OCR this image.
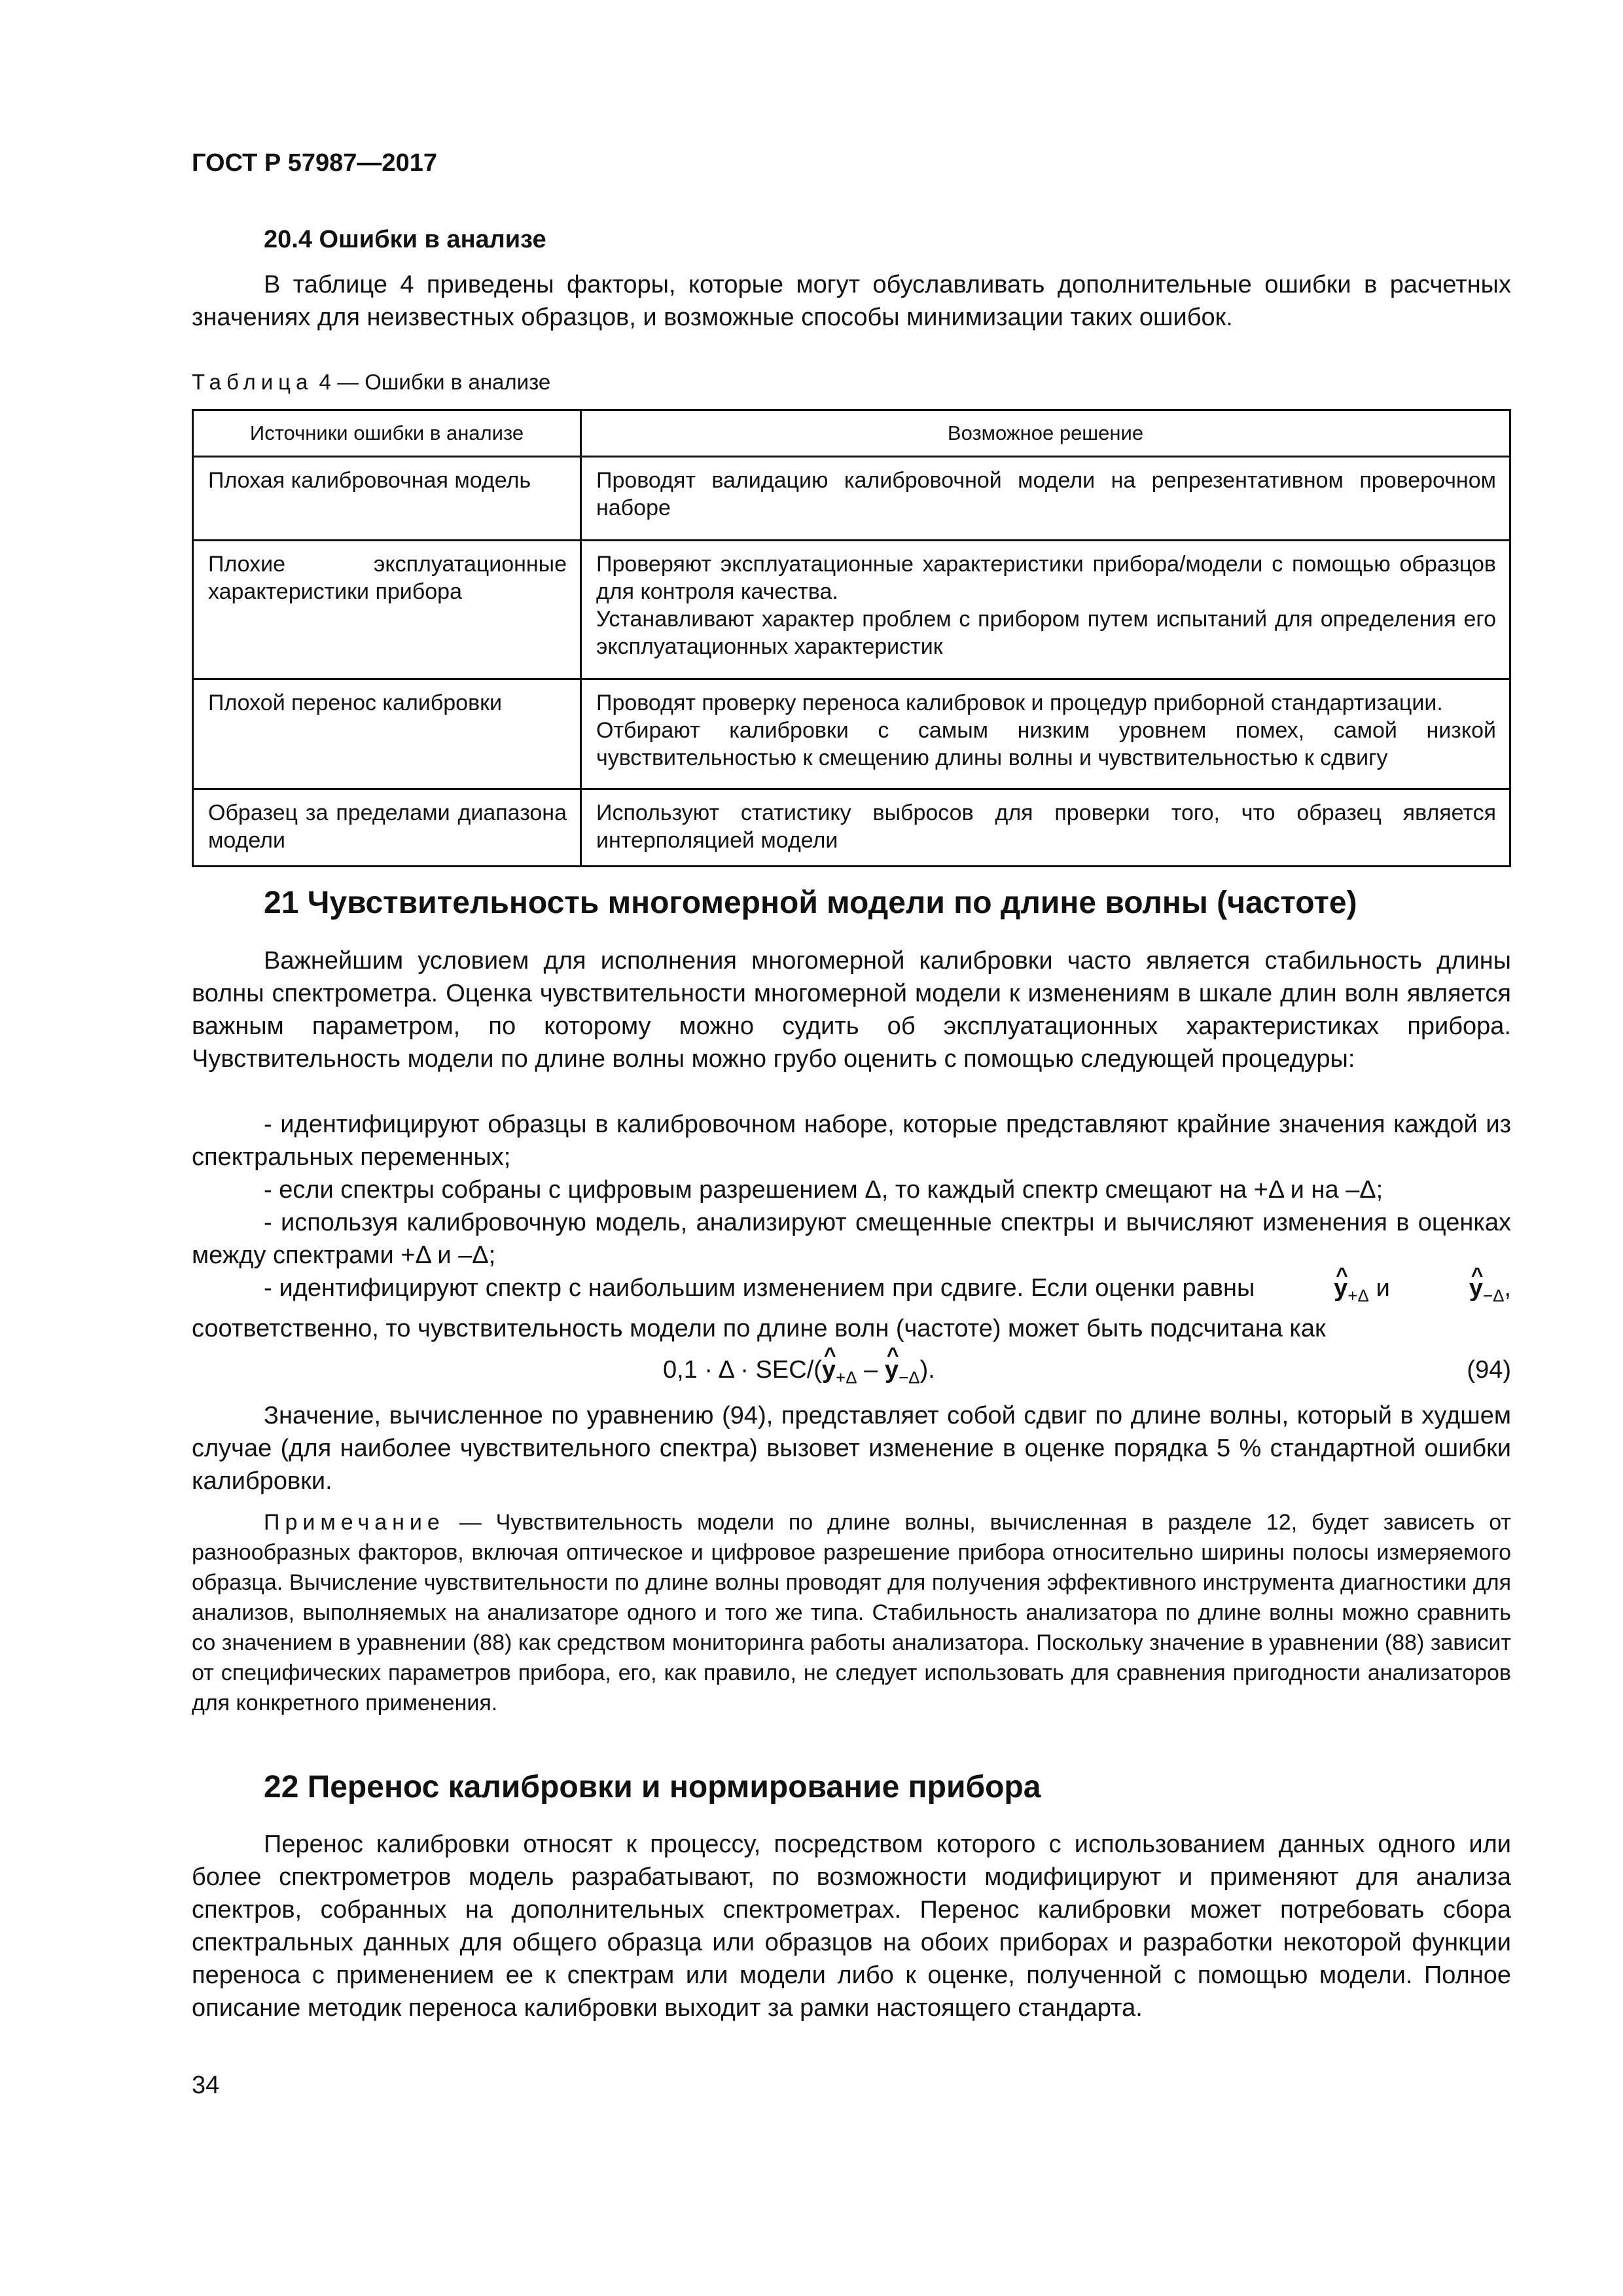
ГОСТ Р 57987—2017
20.4 Ошибки в анализе

В таблице 4 приведены факторы, которые могут обуславливать дополнительные ошибки в расчетных значениях для неизвестных образцов, и возможные способы минимизации таких ошибок.

Таблица 4 — Ошибки в анализе
Источники ошибки в анализе	Возможное решение
Плохая калибровочная модель	Проводят валидацию калибровочной модели на репрезентативном проверочном наборе
Плохие эксплуатационные характеристики прибора	Проверяют эксплуатационные характеристики прибора/модели с помощью образцов для контроля качества.
Устанавливают характер проблем с прибором путем испытаний для определения его эксплуатационных характеристик
Плохой перенос калибровки	Проводят проверку переноса калибровок и процедур приборной стандартизации.
Отбирают калибровки с самым низким уровнем помех, самой низкой чувствительностью к смещению длины волны и чувствительностью к сдвигу
Образец за пределами диапазона модели	Используют статистику выбросов для проверки того, что образец является интерполяцией модели
21 Чувствительность многомерной модели по длине волны (частоте)

Важнейшим условием для исполнения многомерной калибровки часто является стабильность длины волны спектрометра. Оценка чувствительности многомерной модели к изменениям в шкале длин волн является важным параметром, по которому можно судить об эксплуатационных характеристиках прибора. Чувствительность модели по длине волны можно грубо оценить с помощью следующей процедуры:

- идентифицируют образцы в калибровочном наборе, которые представляют крайние значения каждой из спектральных переменных;

- если спектры собраны с цифровым разрешением Δ, то каждый спектр смещают на +Δ и на –Δ;

- используя калибровочную модель, анализируют смещенные спектры и вычисляют изменения в оценках между спектрами +Δ и –Δ;

- идентифицируют спектр с наибольшим изменением при сдвиге. Если оценки равны	^ $y_{+\Delta}$ и	^ $y_{-\Delta}$, соответственно, то чувствительность модели по длине волн (частоте) может быть подсчитана как

0,1 · Δ · SEC/(^ $y_{+\Delta}$ – ^ $y_{-\Delta}$).	(94)

Значение, вычисленное по уравнению (94), представляет собой сдвиг по длине волны, который в худшем случае (для наиболее чувствительного спектра) вызовет изменение в оценке порядка 5 % стандартной ошибки калибровки.

Примечание — Чувствительность модели по длине волны, вычисленная в разделе 12, будет зависеть от разнообразных факторов, включая оптическое и цифровое разрешение прибора относительно ширины полосы измеряемого образца. Вычисление чувствительности по длине волны проводят для получения эффективного инструмента диагностики для анализов, выполняемых на анализаторе одного и того же типа. Стабильность анализатора по длине волны можно сравнить со значением в уравнении (88) как средством мониторинга работы анализатора. Поскольку значение в уравнении (88) зависит от специфических параметров прибора, его, как правило, не следует использовать для сравнения пригодности анализаторов для конкретного применения.

22 Перенос калибровки и нормирование прибора

Перенос калибровки относят к процессу, посредством которого с использованием данных одного или более спектрометров модель разрабатывают, по возможности модифицируют и применяют для анализа спектров, собранных на дополнительных спектрометрах. Перенос калибровки может потребовать сбора спектральных данных для общего образца или образцов на обоих приборах и разработки некоторой функции переноса с применением ее к спектрам или модели либо к оценке, полученной с помощью модели. Полное описание методик переноса калибровки выходит за рамки настоящего стандарта.

34
